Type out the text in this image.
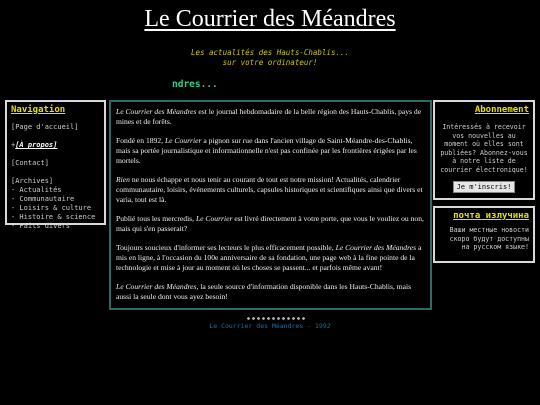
Le Courrier des Méandres
Les actualités des Hauts-Chablis...
sur votre ordinateur!
ndres...
Navigation
[Page d'accueil]
+[À propos]
[Contact]
[Archives]
- Actualités
- Communautaire
- Loisirs & culture
- Histoire & science
- Faits divers

Le Courrier des Méandres est le journal hebdomadaire de la belle région des Hauts-Chablis, pays de mines et de forêts.

Fondé en 1892, Le Courrier a pignon sur rue dans l'ancien village de Saint-Méandre-des-Chablis, mais sa portée journalistique et informationnelle n'est pas confinée par les frontières érigées par les mortels.

Rien ne nous échappe et nous tenir au courant de tout est notre mission! Actualités, calendrier communautaire, loisirs, événements culturels, capsules historiques et scientifiques ainsi que divers et varia, tout est là.

Publié tous les mercredis, Le Courrier est livré directement à votre porte, que vous le vouliez ou non, mais qui s'en passerait?

Toujours soucieux d'informer ses lecteurs le plus efficacement possible, Le Courrier des Méandres a mis en ligne, à l'occasion du 100e anniversaire de sa fondation, une page web à la fine pointe de la technologie et mise à jour au moment où les choses se passent... et parfois même avant!

Le Courrier des Méandres, la seule source d'information disponible dans les Hauts-Chablis, mais aussi la seule dont vous ayez besoin!

Abonnement
Intéressés à recevoir vos nouvelles au moment où elles sont publiées? Abonnez-vous à notre liste de courrier électronique!
Je m'inscris!
почта излучина
Ваши местные новости скоро будут доступны на русском языке!
Le Courrier des Méandres - 1992
